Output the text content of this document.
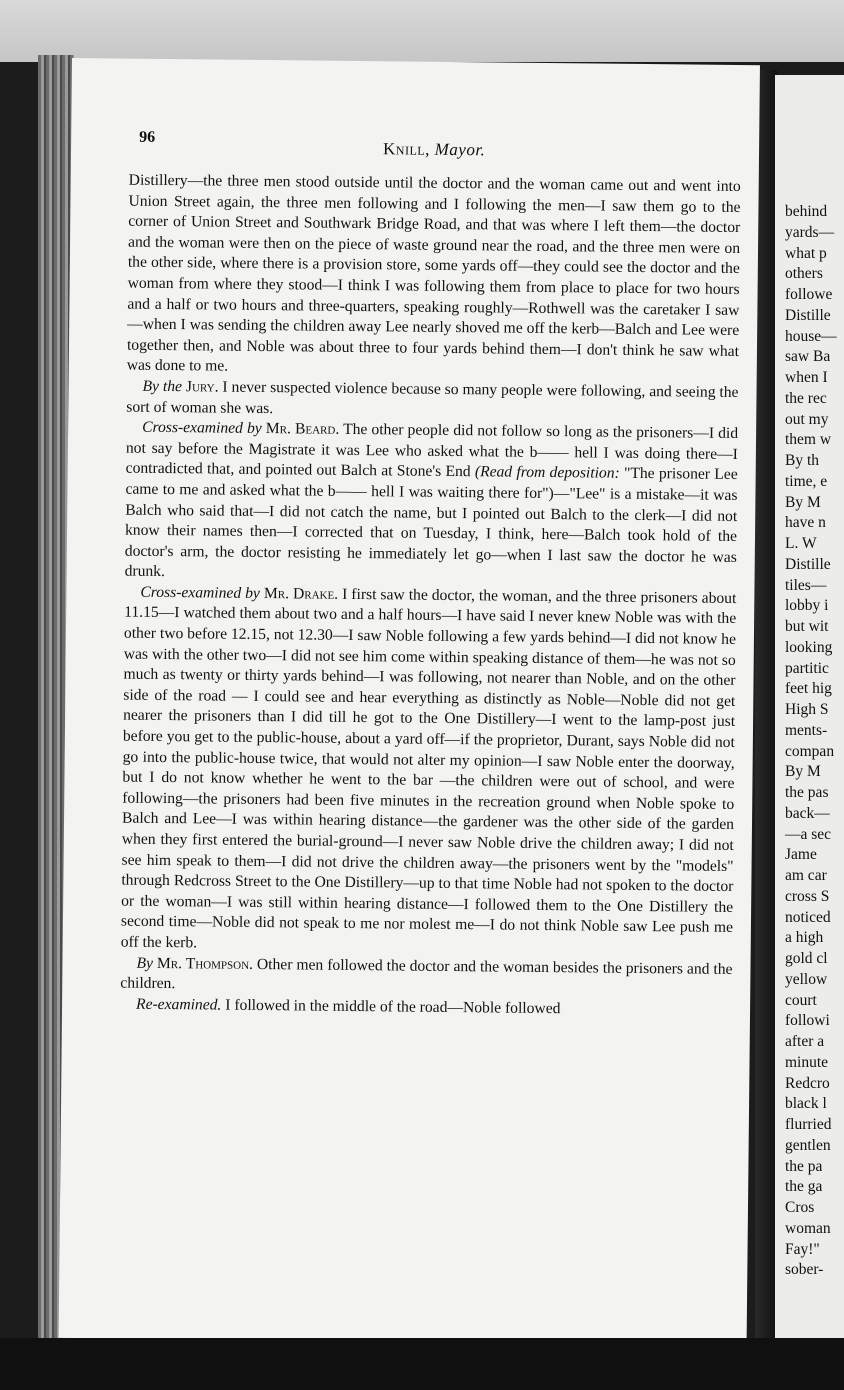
behind
yards—
what p
others
followe
Distille
house—
saw Ba
when I
the rec
out my
them w
By th
time, e
By M
have n
L. W
Distille
tiles—
lobby i
but wit
looking
partitic
feet hig
High S
ments-
compan
By M
the pas
back—
—a sec
Jame
am car
cross S
noticed
a high
gold cl
yellow
court
followi
after a
minute
Redcro
black l
flurried
gentlen
the pa
the ga
Cros
woman
Fay!"
sober-
96
Knill, Mayor.

Distillery—the three men stood outside until the doctor and the woman came out and went into Union Street again, the three men following and I following the men—I saw them go to the corner of Union Street and Southwark Bridge Road, and that was where I left them—the doctor and the woman were then on the piece of waste ground near the road, and the three men were on the other side, where there is a provision store, some yards off—they could see the doctor and the woman from where they stood—I think I was following them from place to place for two hours and a half or two hours and three-quarters, speaking roughly—Rothwell was the caretaker I saw—when I was sending the children away Lee nearly shoved me off the kerb—Balch and Lee were together then, and Noble was about three to four yards behind them—I don't think he saw what was done to me.

By the Jury. I never suspected violence because so many people were following, and seeing the sort of woman she was.

Cross-examined by Mr. Beard. The other people did not follow so long as the prisoners—I did not say before the Magistrate it was Lee who asked what the b—— hell I was doing there—I contradicted that, and pointed out Balch at Stone's End (Read from deposition: "The prisoner Lee came to me and asked what the b—— hell I was waiting there for")—"Lee" is a mistake—it was Balch who said that—I did not catch the name, but I pointed out Balch to the clerk—I did not know their names then—I corrected that on Tuesday, I think, here—Balch took hold of the doctor's arm, the doctor resisting he immediately let go—when I last saw the doctor he was drunk.

Cross-examined by Mr. Drake. I first saw the doctor, the woman, and the three prisoners about 11.15—I watched them about two and a half hours—I have said I never knew Noble was with the other two before 12.15, not 12.30—I saw Noble following a few yards behind—I did not know he was with the other two—I did not see him come within speaking distance of them—he was not so much as twenty or thirty yards behind—I was following, not nearer than Noble, and on the other side of the road — I could see and hear everything as distinctly as Noble—Noble did not get nearer the prisoners than I did till he got to the One Distillery—I went to the lamp-post just before you get to the public-house, about a yard off—if the proprietor, Durant, says Noble did not go into the public-house twice, that would not alter my opinion—I saw Noble enter the doorway, but I do not know whether he went to the bar —the children were out of school, and were following—the prisoners had been five minutes in the recreation ground when Noble spoke to Balch and Lee—I was within hearing distance—the gardener was the other side of the garden when they first entered the burial-ground—I never saw Noble drive the children away; I did not see him speak to them—I did not drive the children away—the prisoners went by the "models" through Redcross Street to the One Distillery—up to that time Noble had not spoken to the doctor or the woman—I was still within hearing distance—I followed them to the One Distillery the second time—Noble did not speak to me nor molest me—I do not think Noble saw Lee push me off the kerb.

By Mr. Thompson. Other men followed the doctor and the woman besides the prisoners and the children.

Re-examined. I followed in the middle of the road—Noble followed
